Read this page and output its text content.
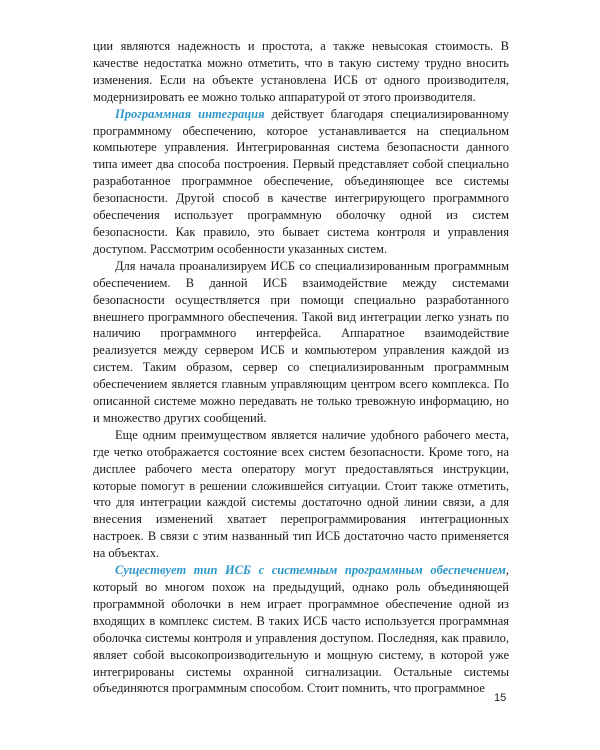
ции являются надежность и простота, а также невысокая стоимость. В качестве недостатка можно отметить, что в такую систему трудно вносить изменения. Если на объекте установлена ИСБ от одного производителя, модернизировать ее можно только аппаратурой от этого производителя.

Программная интеграция действует благодаря специализированному программному обеспечению, которое устанавливается на специальном компьютере управления. Интегрированная система безопасности данного типа имеет два способа построения. Первый представляет собой специально разработанное программное обеспечение, объединяющее все системы безопасности. Другой способ в качестве интегрирующего программного обеспечения использует программную оболочку одной из систем безопасности. Как правило, это бывает система контроля и управления доступом. Рассмотрим особенности указанных систем.

Для начала проанализируем ИСБ со специализированным программным обеспечением. В данной ИСБ взаимодействие между системами безопасности осуществляется при помощи специально разработанного внешнего программного обеспечения. Такой вид интеграции легко узнать по наличию программного интерфейса. Аппаратное взаимодействие реализуется между сервером ИСБ и компьютером управления каждой из систем. Таким образом, сервер со специализированным программным обеспечением является главным управляющим центром всего комплекса. По описанной системе можно передавать не только тревожную информацию, но и множество других сообщений.

Еще одним преимуществом является наличие удобного рабочего места, где четко отображается состояние всех систем безопасности. Кроме того, на дисплее рабочего места оператору могут предоставляться инструкции, которые помогут в решении сложившейся ситуации. Стоит также отметить, что для интеграции каждой системы достаточно одной линии связи, а для внесения изменений хватает перепрограммирования интеграционных настроек. В связи с этим названный тип ИСБ достаточно часто применяется на объектах.

Существует тип ИСБ с системным программным обеспечением, который во многом похож на предыдущий, однако роль объединяющей программной оболочки в нем играет программное обеспечение одной из входящих в комплекс систем. В таких ИСБ часто используется программная оболочка системы контроля и управления доступом. Последняя, как правило, являет собой высокопроизводительную и мощную систему, в которой уже интегрированы системы охранной сигнализации. Остальные системы объединяются программным способом. Стоит помнить, что программное

15
